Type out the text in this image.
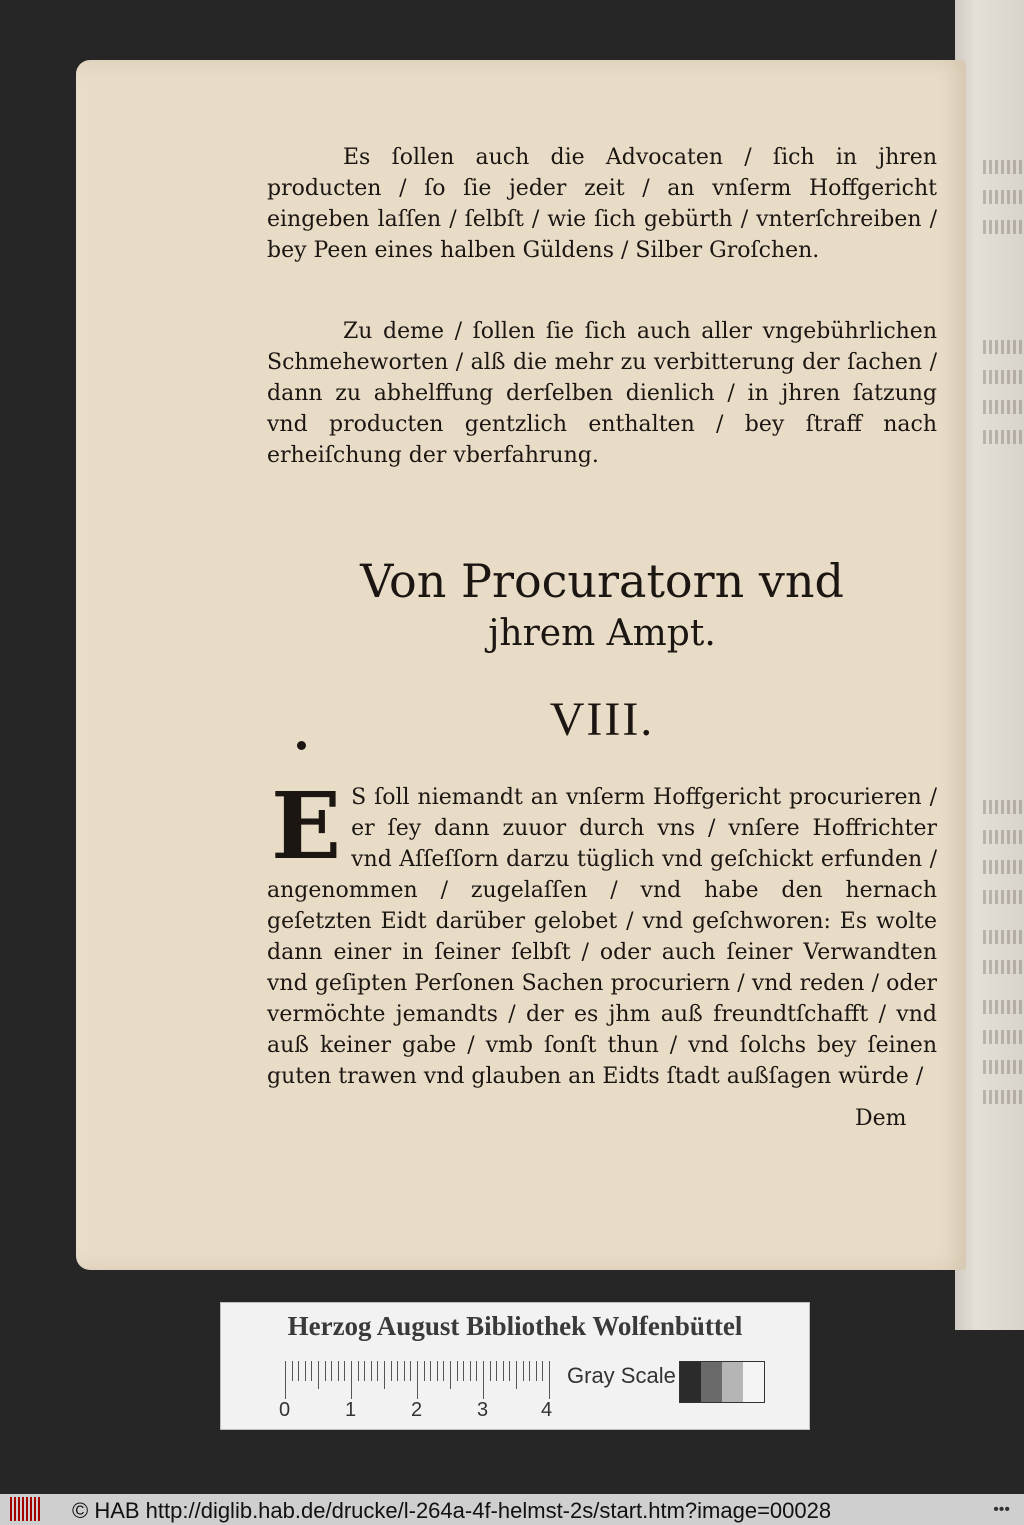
Es ſollen auch die Advocaten / ſich in jhren producten / ſo ſie jeder zeit / an vnſerm Hoffgericht eingeben laſſen / ſelbſt / wie ſich gebürth / vnterſchreiben / bey Peen eines halben Güldens / Silber Groſchen.
Zu deme / ſollen ſie ſich auch aller vngebührlichen Schmeheworten / alß die mehr zu verbitterung der ſachen / dann zu abhelffung derſelben dienlich / in jhren ſatzung vnd producten gentzlich enthalten / bey ſtraff nach erheiſchung der vberfahrung.
Von Procuratorn vnd
jhrem Ampt.
VIII.
E S ſoll niemandt an vnſerm Hoffgericht procurieren / er ſey dann zuuor durch vns / vnſere Hoffrichter vnd Aſſeſſorn darzu tüglich vnd geſchickt erfunden / angenommen / zugelaſſen / vnd habe den hernach geſetzten Eidt darüber gelobet / vnd geſchworen: Es wolte dann einer in ſeiner ſelbſt / oder auch ſeiner Verwandten vnd geſipten Perſonen Sachen procuriern / vnd reden / oder vermöchte jemandts / der es jhm auß freundtſchafft / vnd auß keiner gabe / vmb ſonſt thun / vnd ſolchs bey ſeinen guten trawen vnd glauben an Eidts ſtadt außſagen würde /
Dem
Herzog August Bibliothek Wolfenbüttel
0	1	2	3	4
Gray Scale
© HAB http://diglib.hab.de/drucke/l-264a-4f-helmst-2s/start.htm?image=00028	•••
